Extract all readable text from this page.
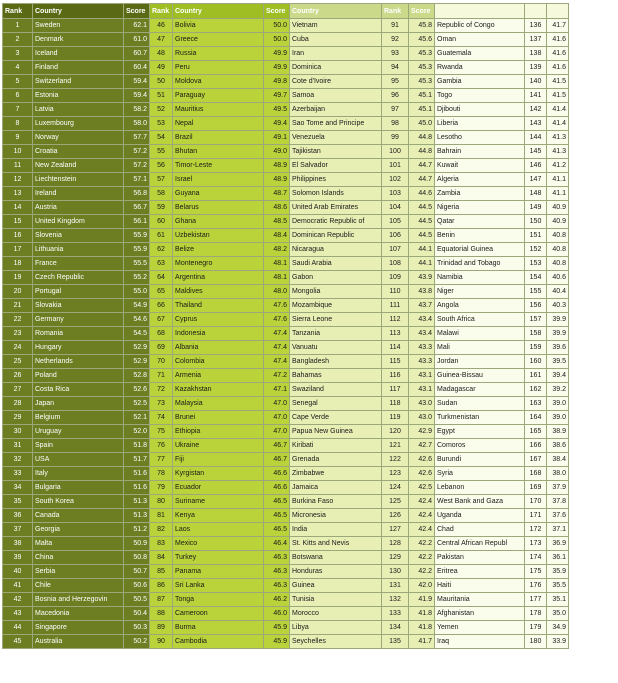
Rank	Country	Score	Rank	Country	Score	Country	Rank	Score			
1	Sweden	62.1	46	Bolivia	50.0	Vietnam	91	45.8	Republic of Congo	136	41.7
2	Denmark	61.0	47	Greece	50.0	Cuba	92	45.6	Oman	137	41.6
3	Iceland	60.7	48	Russia	49.9	Iran	93	45.3	Guatemala	138	41.6
4	Finland	60.4	49	Peru	49.9	Dominica	94	45.3	Rwanda	139	41.6
5	Switzerland	59.4	50	Moldova	49.8	Cote d'Ivoire	95	45.3	Gambia	140	41.5
6	Estonia	59.4	51	Paraguay	49.7	Samoa	96	45.1	Togo	141	41.5
7	Latvia	58.2	52	Mauritius	49.5	Azerbaijan	97	45.1	Djibouti	142	41.4
8	Luxembourg	58.0	53	Nepal	49.4	Sao Tome and Principe	98	45.0	Liberia	143	41.4
9	Norway	57.7	54	Brazil	49.1	Venezuela	99	44.8	Lesotho	144	41.3
10	Croatia	57.2	55	Bhutan	49.0	Tajikistan	100	44.8	Bahrain	145	41.3
11	New Zealand	57.2	56	Timor-Leste	48.9	El Salvador	101	44.7	Kuwait	146	41.2
12	Liechtenstein	57.1	57	Israel	48.9	Philippines	102	44.7	Algeria	147	41.1
13	Ireland	56.8	58	Guyana	48.7	Solomon Islands	103	44.6	Zambia	148	41.1
14	Austria	56.7	59	Belarus	48.6	United Arab Emirates	104	44.5	Nigeria	149	40.9
15	United Kingdom	56.1	60	Ghana	48.5	Democratic Republic of	105	44.5	Qatar	150	40.9
16	Slovenia	55.9	61	Uzbekistan	48.4	Dominican Republic	106	44.5	Benin	151	40.8
17	Lithuania	55.9	62	Belize	48.2	Nicaragua	107	44.1	Equatorial Guinea	152	40.8
18	France	55.5	63	Montenegro	48.1	Saudi Arabia	108	44.1	Trinidad and Tobago	153	40.8
19	Czech Republic	55.2	64	Argentina	48.1	Gabon	109	43.9	Namibia	154	40.6
20	Portugal	55.0	65	Maldives	48.0	Mongolia	110	43.8	Niger	155	40.4
21	Slovakia	54.9	66	Thailand	47.6	Mozambique	111	43.7	Angola	156	40.3
22	Germany	54.6	67	Cyprus	47.6	Sierra Leone	112	43.4	South Africa	157	39.9
23	Romania	54.5	68	Indonesia	47.4	Tanzania	113	43.4	Malawi	158	39.9
24	Hungary	52.9	69	Albania	47.4	Vanuatu	114	43.3	Mali	159	39.6
25	Netherlands	52.9	70	Colombia	47.4	Bangladesh	115	43.3	Jordan	160	39.5
26	Poland	52.8	71	Armenia	47.2	Bahamas	116	43.1	Guinea-Bissau	161	39.4
27	Costa Rica	52.6	72	Kazakhstan	47.1	Swaziland	117	43.1	Madagascar	162	39.2
28	Japan	52.5	73	Malaysia	47.0	Senegal	118	43.0	Sudan	163	39.0
29	Belgium	52.1	74	Brunei	47.0	Cape Verde	119	43.0	Turkmenistan	164	39.0
30	Uruguay	52.0	75	Ethiopia	47.0	Papua New Guinea	120	42.9	Egypt	165	38.9
31	Spain	51.8	76	Ukraine	46.7	Kiribati	121	42.7	Comoros	166	38.6
32	USA	51.7	77	Fiji	46.7	Grenada	122	42.6	Burundi	167	38.4
33	Italy	51.6	78	Kyrgistan	46.6	Zimbabwe	123	42.6	Syria	168	38.0
34	Bulgaria	51.6	79	Ecuador	46.6	Jamaica	124	42.5	Lebanon	169	37.9
35	South Korea	51.3	80	Suriname	46.5	Burkina Faso	125	42.4	West Bank and Gaza	170	37.8
36	Canada	51.3	81	Kenya	46.5	Micronesia	126	42.4	Uganda	171	37.6
37	Georgia	51.2	82	Laos	46.5	India	127	42.4	Chad	172	37.1
38	Malta	50.9	83	Mexico	46.4	St. Kitts and Nevis	128	42.2	Central African Republ	173	36.9
39	China	50.8	84	Turkey	46.3	Botswana	129	42.2	Pakistan	174	36.1
40	Serbia	50.7	85	Panama	46.3	Honduras	130	42.2	Eritrea	175	35.9
41	Chile	50.6	86	Sri Lanka	46.3	Guinea	131	42.0	Haiti	176	35.5
42	Bosnia and Herzegovin	50.5	87	Tonga	46.2	Tunisia	132	41.9	Mauritania	177	35.1
43	Macedonia	50.4	88	Cameroon	46.0	Morocco	133	41.8	Afghanistan	178	35.0
44	Singapore	50.3	89	Burma	45.9	Libya	134	41.8	Yemen	179	34.9
45	Australia	50.2	90	Cambodia	45.9	Seychelles	135	41.7	Iraq	180	33.9
